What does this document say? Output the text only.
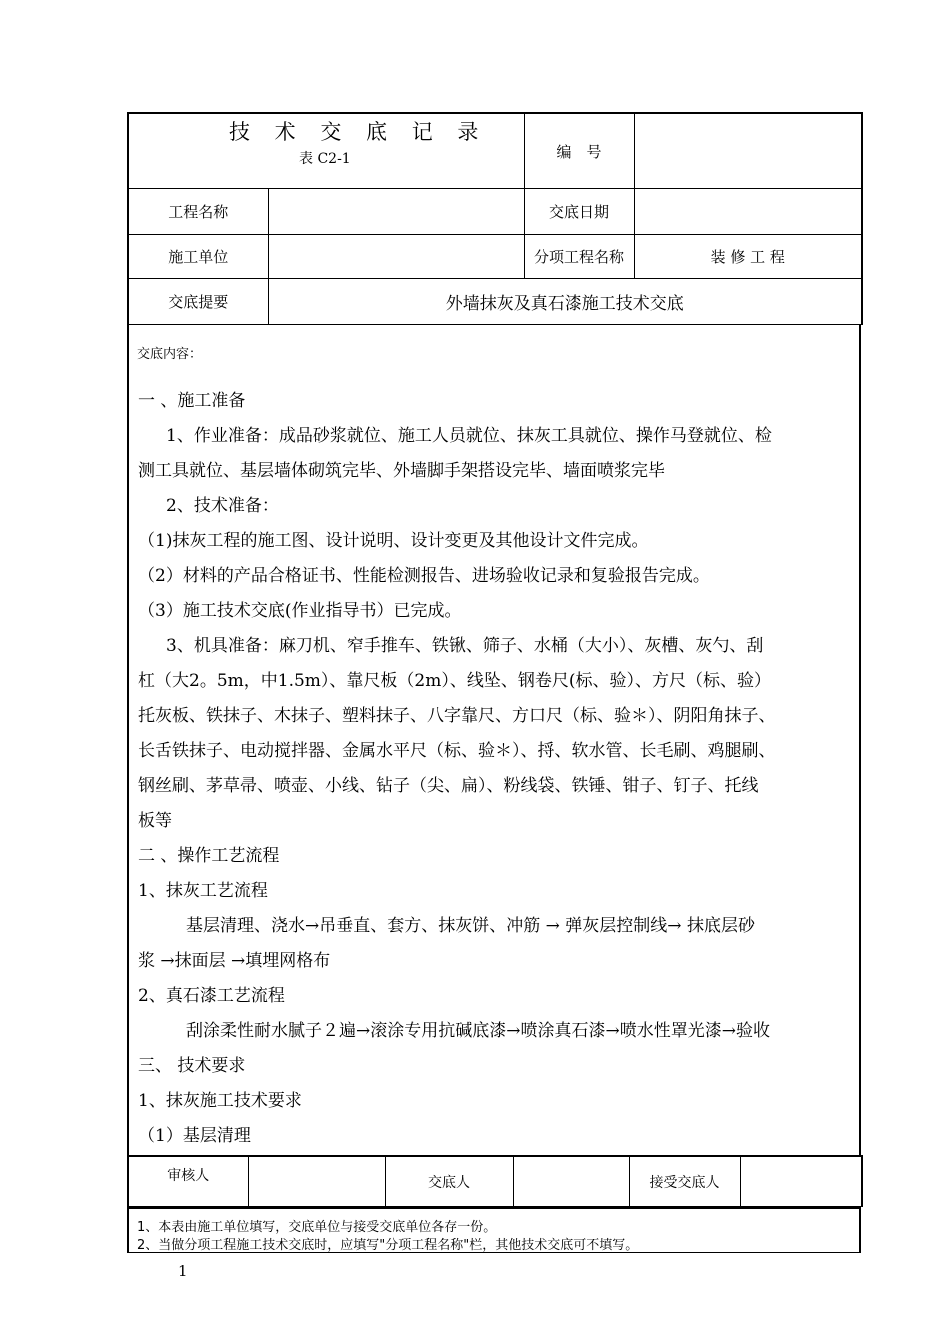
技 术 交 底 记 录
表 C2-1		编　号	
工程名称		交底日期	
施工单位		分项工程名称	装 修 工 程
交底提要	外墙抹灰及真石漆施工技术交底		
交底内容：

一 、施工准备

1、作业准备：成品砂浆就位、施工人员就位、抹灰工具就位、操作马登就位、检

测工具就位、基层墙体砌筑完毕、外墙脚手架搭设完毕、墙面喷浆完毕

2、技术准备：

（1)抹灰工程的施工图、设计说明、设计变更及其他设计文件完成。

（2）材料的产品合格证书、性能检测报告、进场验收记录和复验报告完成。

（3）施工技术交底(作业指导书）已完成。

3、机具准备：麻刀机、窄手推车、铁锹、筛子、水桶（大小）、灰槽、灰勺、刮

杠（大2。5m，中1.5m）、靠尺板（2m）、线坠、钢卷尺(标、验）、方尺（标、验）

托灰板、铁抹子、木抹子、塑料抹子、八字靠尺、方口尺（标、验＊）、阴阳角抹子、

长舌铁抹子、电动搅拌器、金属水平尺（标、验＊）、捋、软水管、长毛刷、鸡腿刷、

钢丝刷、茅草帚、喷壶、小线、钻子（尖、扁）、粉线袋、铁锤、钳子、钉子、托线

板等

二 、操作工艺流程

1、抹灰工艺流程

基层清理、浇水→吊垂直、套方、抹灰饼、冲筋 → 弹灰层控制线→ 抹底层砂

浆 →抹面层 →填埋网格布

2、真石漆工艺流程

刮涂柔性耐水腻子２遍→滚涂专用抗碱底漆→喷涂真石漆→喷水性罩光漆→验收

三、 技术要求

1、抹灰施工技术要求

（1）基层清理

审核人		交底人		接受交底人	

1、本表由施工单位填写，交底单位与接受交底单位各存一份。

2、当做分项工程施工技术交底时，应填写"分项工程名称"栏，其他技术交底可不填写。

1
